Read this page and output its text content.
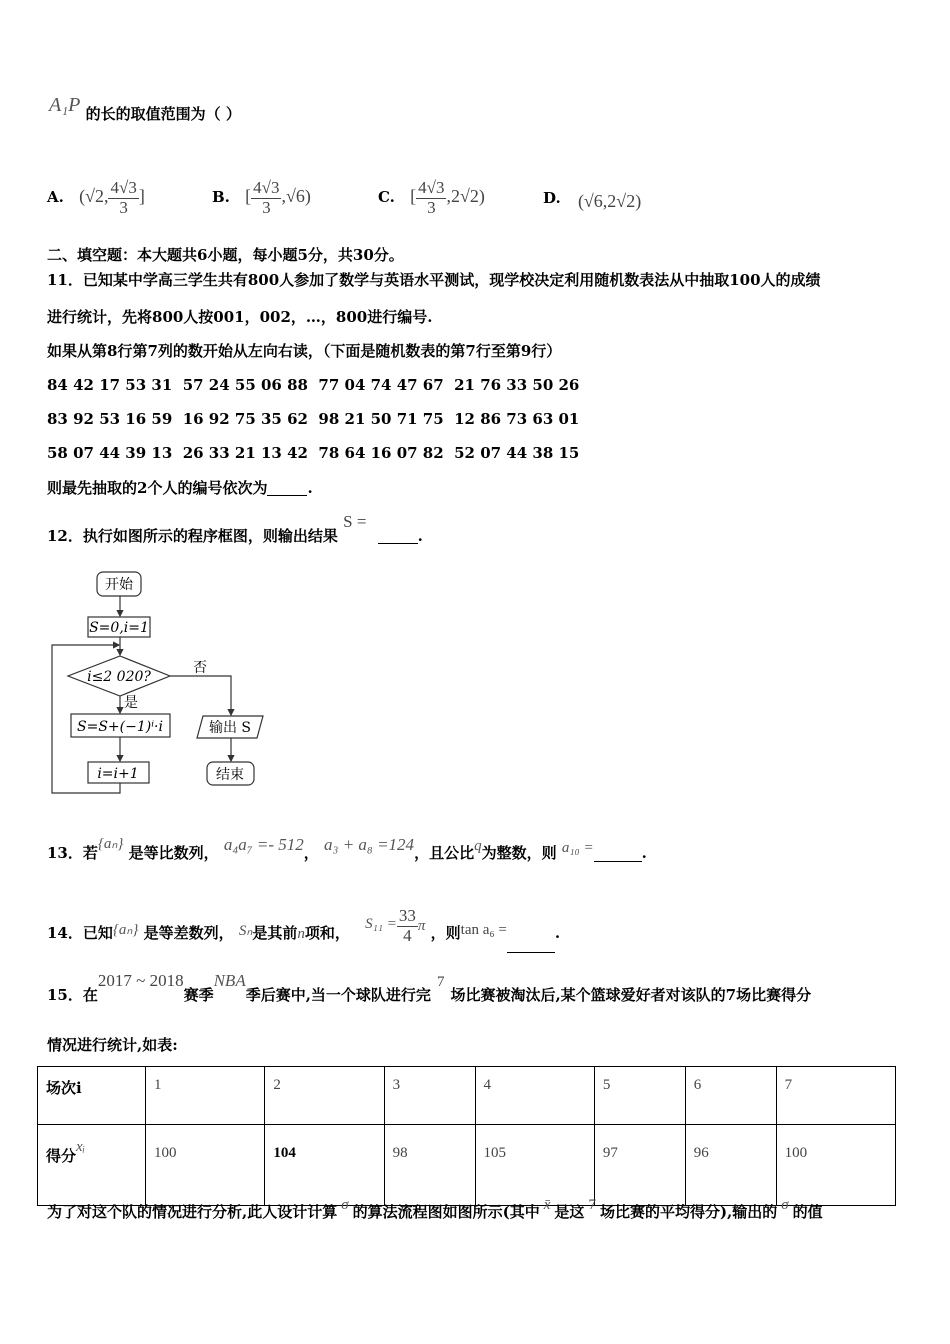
A₁P 的长的取值范围为（ ）
A. (√2, $\frac{4√3}{3}$ ]	B. [ $\frac{4√3}{3} ,√6$)	C. [ $\frac{4√3}{3} ,2√2$)	D. (√6,2√2)
二、填空题：本大题共6小题，每小题5分，共30分。
11．已知某中学高三学生共有800人参加了数学与英语水平测试，现学校决定利用随机数表法从中抽取100人的成绩
进行统计，先将800人按001，002，…，800进行编号.
如果从第8行第7列的数开始从左向右读，（下面是随机数表的第7行至第9行）
84 42 17 53 31  57 24 55 06 88  77 04 74 47 67  21 76 33 50 26
83 92 53 16 59  16 92 75 35 62  98 21 50 71 75  12 86 73 63 01
58 07 44 39 13  26 33 21 13 42  78 64 16 07 82  52 07 44 38 15
则最先抽取的2个人的编号依次为	.
12．执行如图所示的程序框图，则输出结果 S = .
开始
S=0,i=1
i≤2 020?
否
是
S=S+(−1)ⁱ·i
i=i+1
输出 S
结束
13．若{aₙ} 是等比数列， a₄a₇ =- 512， a₃ + a₈ =124，且公比q为整数，则 a₁₀ =	.
14．已知{aₙ} 是等差数列， Sₙ是其前n项和， $S_{11} = \frac{33}{4}$ π ，则tan a₆ =	.
15．在2017 ~ 2018赛季NBA季后赛中,当一个球队进行完7场比赛被淘汰后,某个篮球爱好者对该队的7场比赛得分
情况进行统计,如表:
场次i	1	2	3	4	5	6	7
得分xᵢ	100	104	98	105	97	96	100
为了对这个队的情况进行分析,此人设计计算 σ 的算法流程图如图所示(其中 x̄ 是这 7 场比赛的平均得分),输出的 σ 的值
